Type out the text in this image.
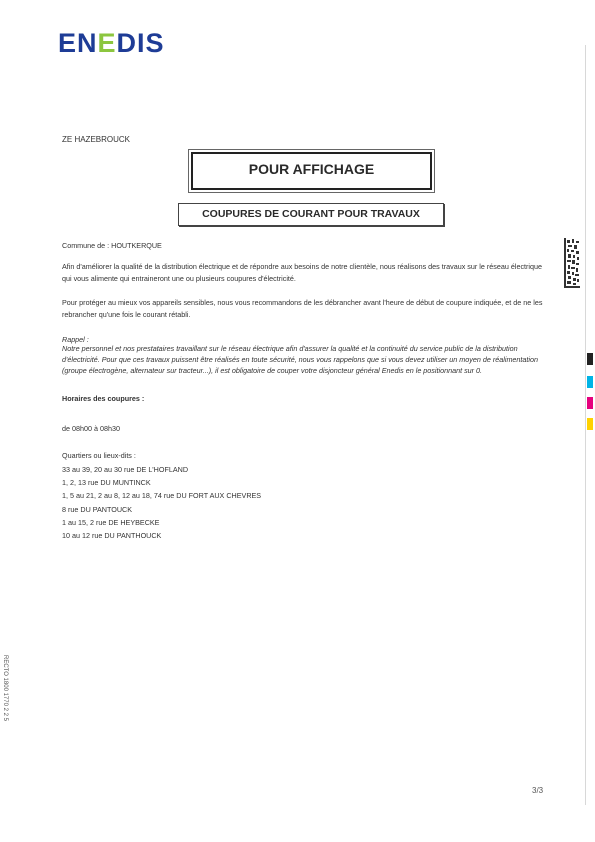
ENEDIS
ZE HAZEBROUCK
POUR AFFICHAGE
COUPURES DE COURANT POUR TRAVAUX
Commune de : HOUTKERQUE
Afin d'améliorer la qualité de la distribution électrique et de répondre aux besoins de notre clientèle, nous réalisons des travaux sur le réseau électrique qui vous alimente qui entraineront une ou plusieurs coupures d'électricité.
Pour protéger au mieux vos appareils sensibles, nous vous recommandons de les débrancher avant l'heure de début de coupure indiquée, et de ne les rebrancher qu'une fois le courant rétabli.
Rappel :
Notre personnel et nos prestataires travaillant sur le réseau électrique afin d'assurer la qualité et la continuité du service public de la distribution d'électricité. Pour que ces travaux puissent être réalisés en toute sécurité, nous vous rappelons que si vous devez utiliser un moyen de réalimentation (groupe électrogène, alternateur sur tracteur...), il est obligatoire de couper votre disjoncteur général Enedis en le positionnant sur 0.
Horaires des coupures :
de 08h00 à 08h30
Quartiers ou lieux-dits :
33 au 39, 20 au 30 rue DE L'HOFLAND
1, 2, 13 rue DU MUNTINCK
1, 5 au 21, 2 au 8, 12 au 18, 74 rue DU FORT AUX CHEVRES
8 rue DU PANTOUCK
1 au 15, 2 rue DE HEYBECKE
10 au 12 rue DU PANTHOUCK
RECTO 1800 1770 2 2 5
3/3
